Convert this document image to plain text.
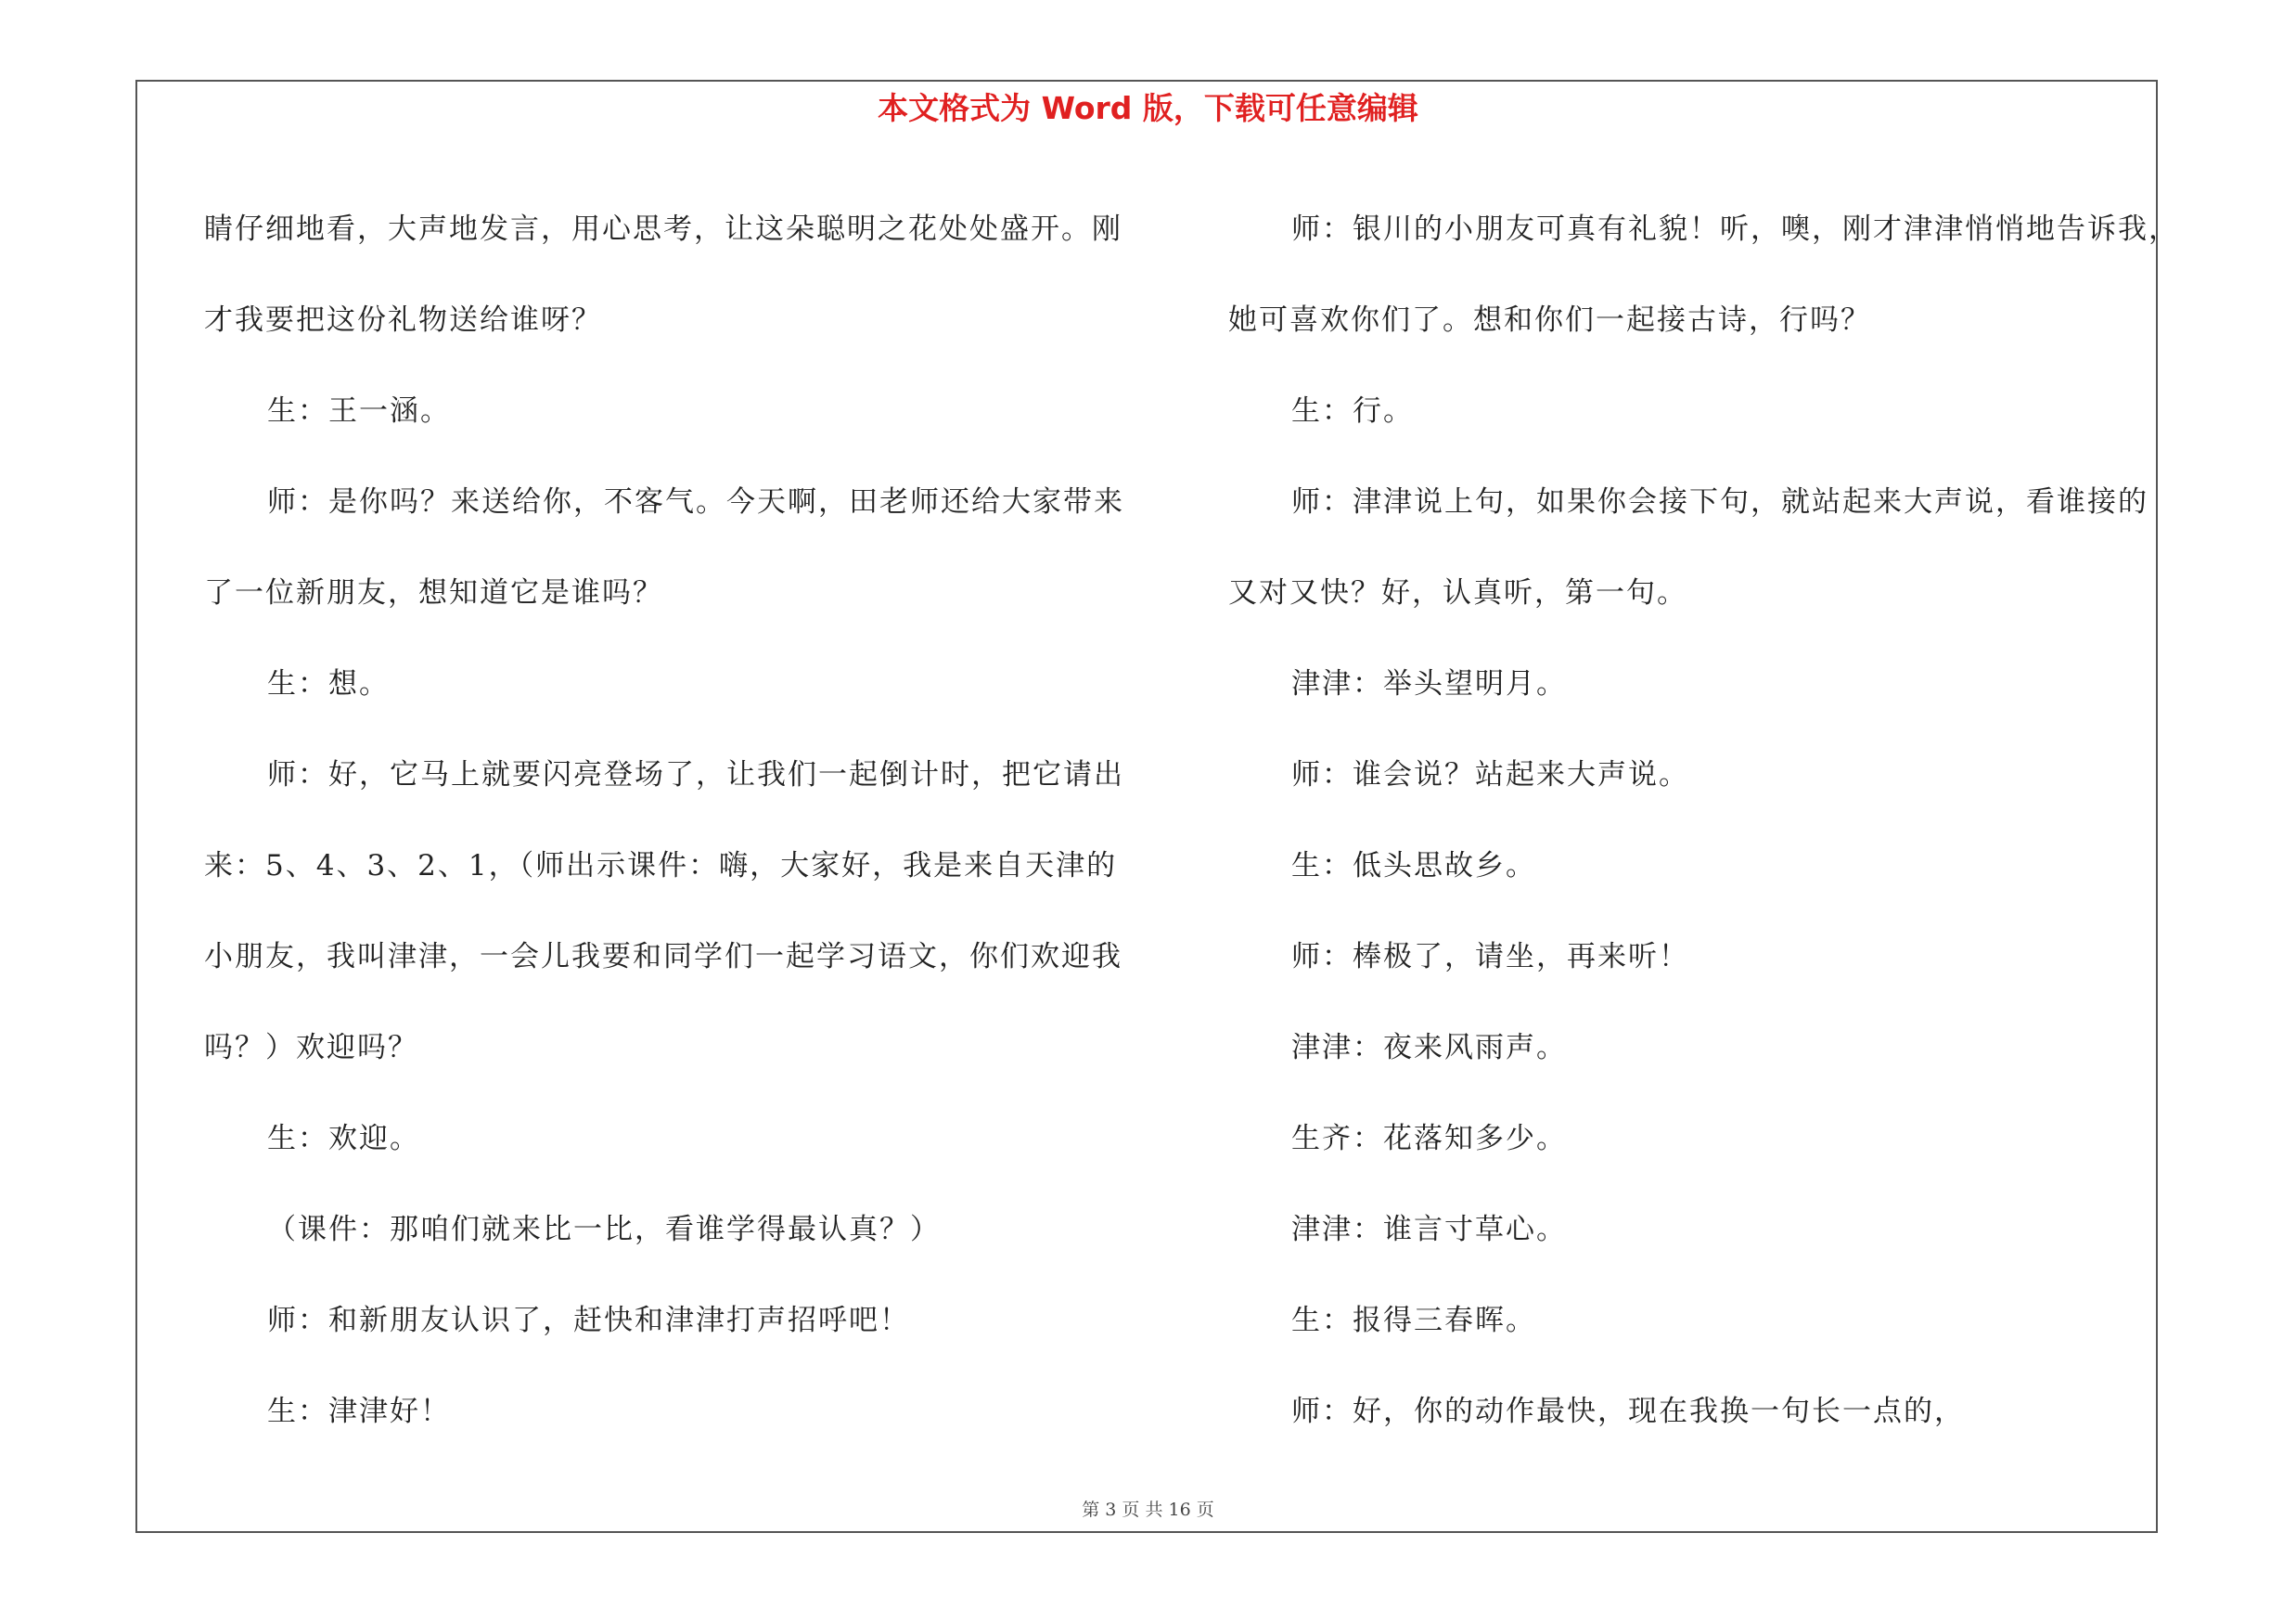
本文格式为 Word 版，下载可任意编辑

睛仔细地看，大声地发言，用心思考，让这朵聪明之花处处盛开。刚

才我要把这份礼物送给谁呀？

生：王一涵。

师：是你吗？来送给你，不客气。今天啊，田老师还给大家带来

了一位新朋友，想知道它是谁吗？

生：想。

师：好，它马上就要闪亮登场了，让我们一起倒计时，把它请出

来：5、4、3、2、1，（师出示课件：嗨，大家好，我是来自天津的

小朋友，我叫津津，一会儿我要和同学们一起学习语文，你们欢迎我

吗？）欢迎吗？

生：欢迎。

（课件：那咱们就来比一比，看谁学得最认真？）

师：和新朋友认识了，赶快和津津打声招呼吧！

生：津津好！

师：银川的小朋友可真有礼貌！听，噢，刚才津津悄悄地告诉我，

她可喜欢你们了。想和你们一起接古诗，行吗？

生：行。

师：津津说上句，如果你会接下句，就站起来大声说，看谁接的

又对又快？好，认真听，第一句。

津津：举头望明月。

师：谁会说？站起来大声说。

生：低头思故乡。

师：棒极了，请坐，再来听！

津津：夜来风雨声。

生齐：花落知多少。

津津：谁言寸草心。

生：报得三春晖。

师：好，你的动作最快，现在我换一句长一点的，

第 3 页 共 16 页
